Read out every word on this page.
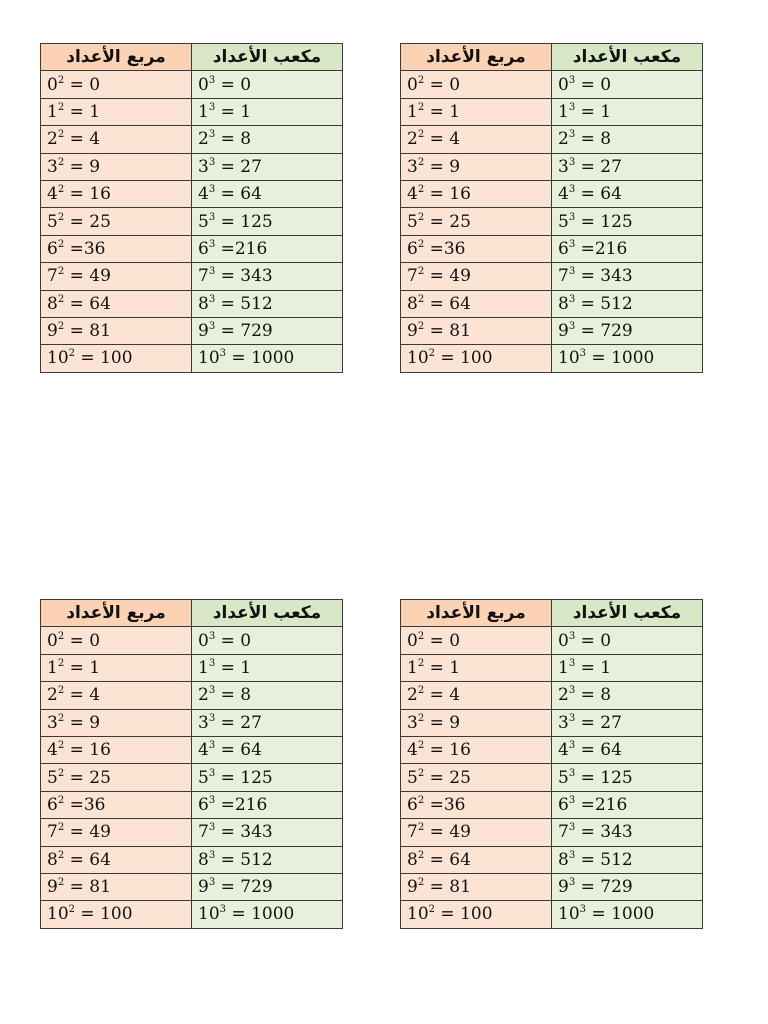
مربع الأعداد	مكعب الأعداد
$0^2 = 0$	$0^3 = 0$
$1^2 = 1$	$1^3 = 1$
$2^2 = 4$	$2^3 = 8$
$3^2 = 9$	$3^3 = 27$
$4^2 = 16$	$4^3 = 64$
$5^2 = 25$	$5^3 = 125$
$6^2 =36$	$6^3 =216$
$7^2 = 49$	$7^3 = 343$
$8^2 = 64$	$8^3 = 512$
$9^2 = 81$	$9^3 = 729$
$10^2 = 100$	$10^3 = 1000$
مربع الأعداد	مكعب الأعداد
$0^2 = 0$	$0^3 = 0$
$1^2 = 1$	$1^3 = 1$
$2^2 = 4$	$2^3 = 8$
$3^2 = 9$	$3^3 = 27$
$4^2 = 16$	$4^3 = 64$
$5^2 = 25$	$5^3 = 125$
$6^2 =36$	$6^3 =216$
$7^2 = 49$	$7^3 = 343$
$8^2 = 64$	$8^3 = 512$
$9^2 = 81$	$9^3 = 729$
$10^2 = 100$	$10^3 = 1000$
مربع الأعداد	مكعب الأعداد
$0^2 = 0$	$0^3 = 0$
$1^2 = 1$	$1^3 = 1$
$2^2 = 4$	$2^3 = 8$
$3^2 = 9$	$3^3 = 27$
$4^2 = 16$	$4^3 = 64$
$5^2 = 25$	$5^3 = 125$
$6^2 =36$	$6^3 =216$
$7^2 = 49$	$7^3 = 343$
$8^2 = 64$	$8^3 = 512$
$9^2 = 81$	$9^3 = 729$
$10^2 = 100$	$10^3 = 1000$
مربع الأعداد	مكعب الأعداد
$0^2 = 0$	$0^3 = 0$
$1^2 = 1$	$1^3 = 1$
$2^2 = 4$	$2^3 = 8$
$3^2 = 9$	$3^3 = 27$
$4^2 = 16$	$4^3 = 64$
$5^2 = 25$	$5^3 = 125$
$6^2 =36$	$6^3 =216$
$7^2 = 49$	$7^3 = 343$
$8^2 = 64$	$8^3 = 512$
$9^2 = 81$	$9^3 = 729$
$10^2 = 100$	$10^3 = 1000$
